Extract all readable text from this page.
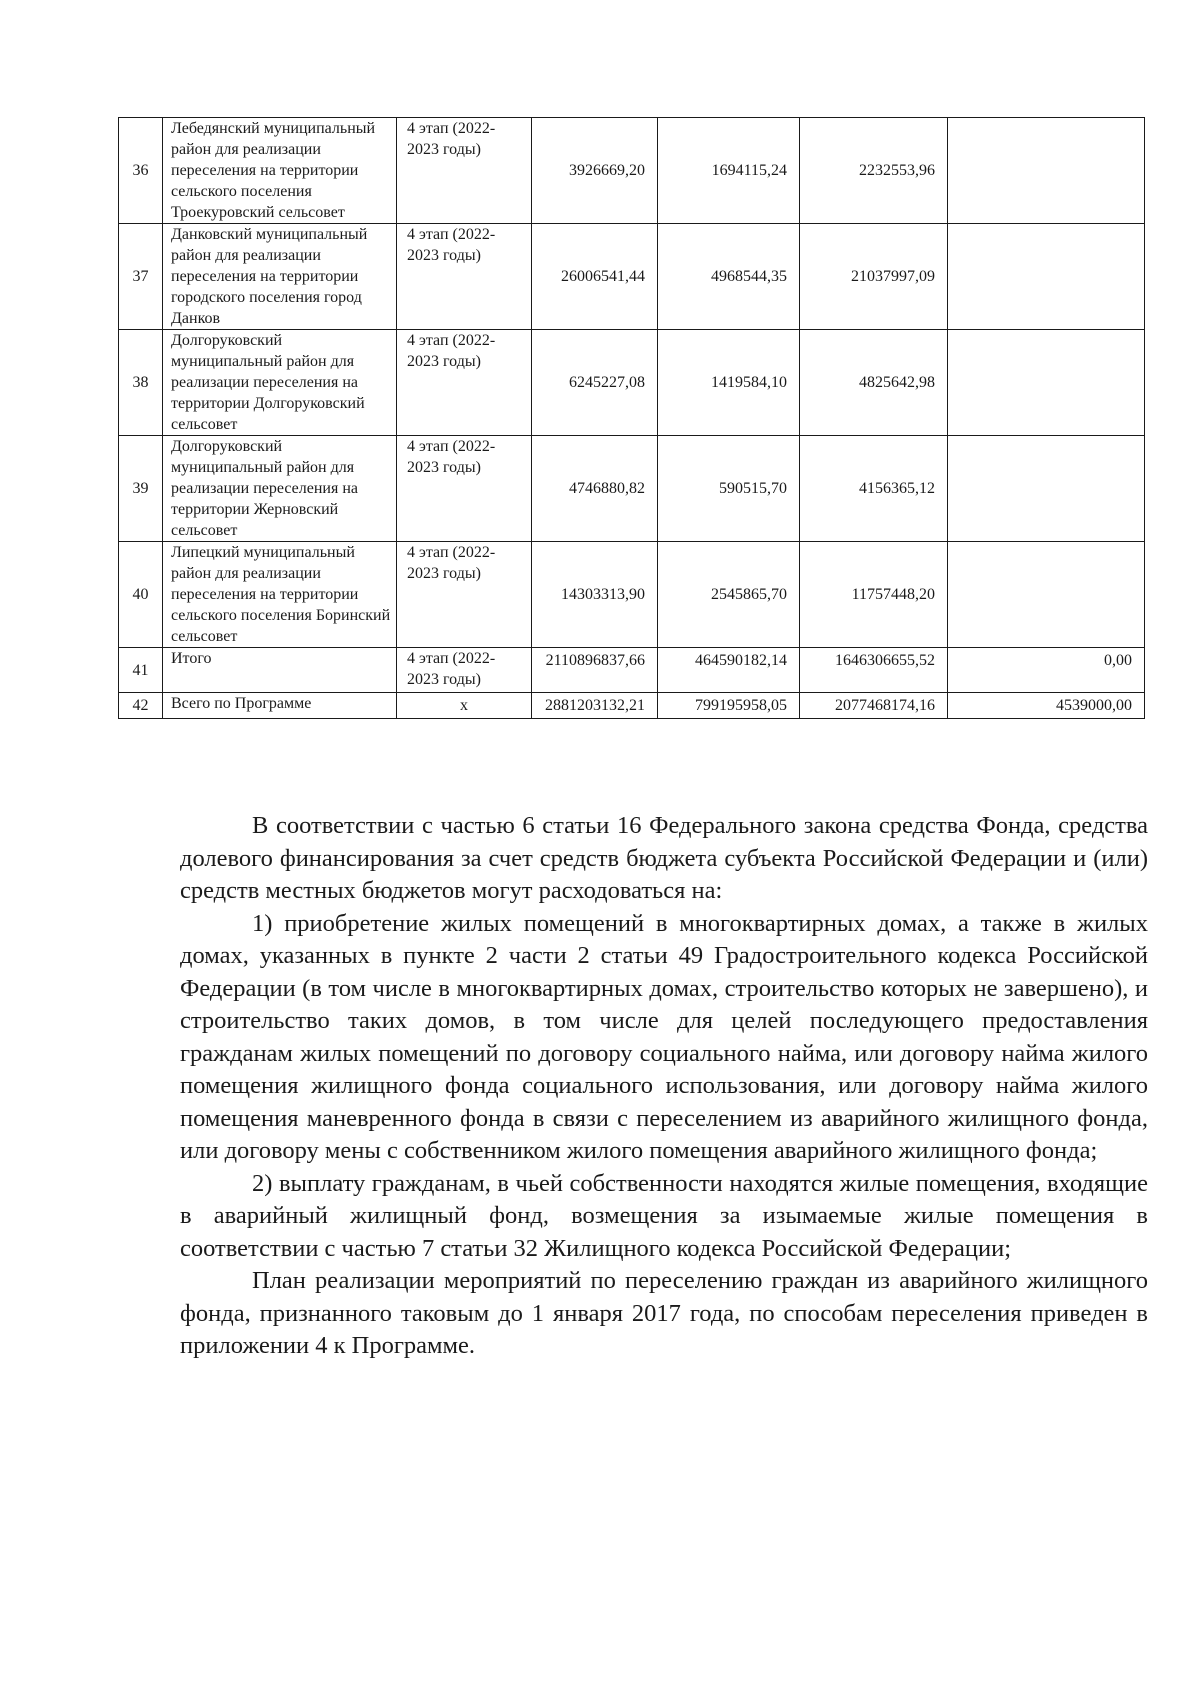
36	Лебедянский муниципальный район для реализации переселения на территории сельского поселения Троекуровский сельсовет	4 этап (2022-2023 годы)	3926669,20	1694115,24	2232553,96	
37	Данковский муниципальный район для реализации переселения на территории городского поселения город Данков	4 этап (2022-2023 годы)	26006541,44	4968544,35	21037997,09	
38	Долгоруковский муниципальный район для реализации переселения на территории Долгоруковский сельсовет	4 этап (2022-2023 годы)	6245227,08	1419584,10	4825642,98	
39	Долгоруковский муниципальный район для реализации переселения на территории Жерновский сельсовет	4 этап (2022-2023 годы)	4746880,82	590515,70	4156365,12	
40	Липецкий муниципальный район для реализации переселения на территории сельского поселения Боринский сельсовет	4 этап (2022-2023 годы)	14303313,90	2545865,70	11757448,20	
41	Итого	4 этап (2022-2023 годы)	2110896837,66	464590182,14	1646306655,52	0,00
42	Всего по Программе	x	2881203132,21	799195958,05	2077468174,16	4539000,00

В соответствии с частью 6 статьи 16 Федерального закона средства Фонда, средства долевого финансирования за счет средств бюджета субъекта Российской Федерации и (или) средств местных бюджетов могут расходоваться на:

1) приобретение жилых помещений в многоквартирных домах, а также в жилых домах, указанных в пункте 2 части 2 статьи 49 Градостроительного кодекса Российской Федерации (в том числе в многоквартирных домах, строительство которых не завершено), и строительство таких домов, в том числе для целей последующего предоставления гражданам жилых помещений по договору социального найма, или договору найма жилого помещения жилищного фонда социального использования, или договору найма жилого помещения маневренного фонда в связи с переселением из аварийного жилищного фонда, или договору мены с собственником жилого помещения аварийного жилищного фонда;

2) выплату гражданам, в чьей собственности находятся жилые помещения, входящие в аварийный жилищный фонд, возмещения за изымаемые жилые помещения в соответствии с частью 7 статьи 32 Жилищного кодекса Российской Федерации;

План реализации мероприятий по переселению граждан из аварийного жилищного фонда, признанного таковым до 1 января 2017 года, по способам переселения приведен в приложении 4 к Программе.
